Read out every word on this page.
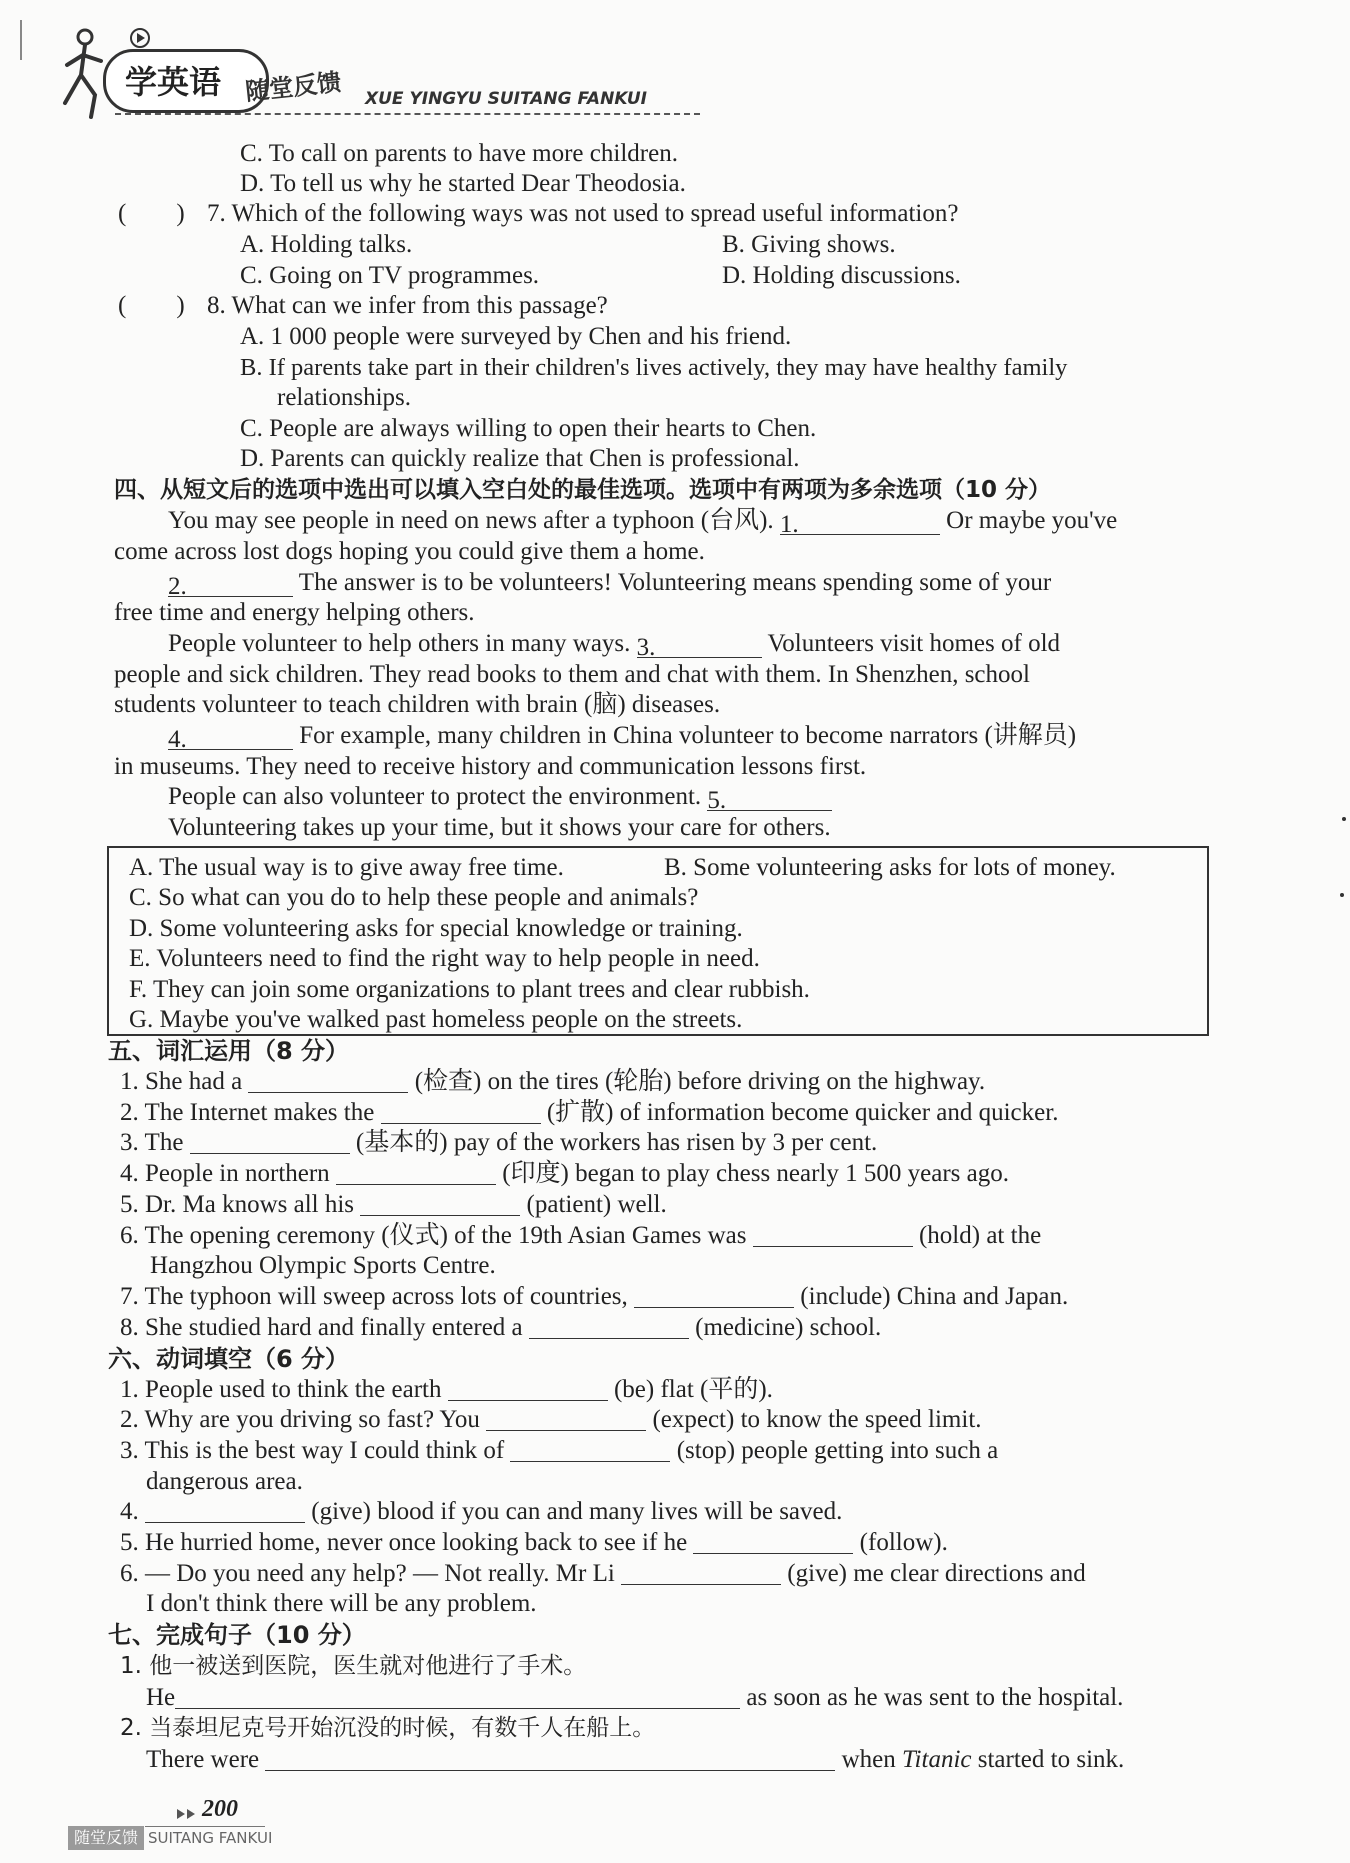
学英语 随堂反馈 XUE YINGYU SUITANG FANKUI
C. To call on parents to have more children.
D. To tell us why he started Dear Theodosia.
(　　) 7. Which of the following ways was not used to spread useful information?
A. Holding talks.	B. Giving shows.
C. Going on TV programmes.	D. Holding discussions.
(　　) 8. What can we infer from this passage?
A. 1 000 people were surveyed by Chen and his friend.
B. If parents take part in their children's lives actively, they may have healthy family
relationships.
C. People are always willing to open their hearts to Chen.
D. Parents can quickly realize that Chen is professional.
四、从短文后的选项中选出可以填入空白处的最佳选项。选项中有两项为多余选项（10 分）
You may see people in need on news after a typhoon (台风). 1.	Or maybe you've
come across lost dogs hoping you could give them a home.
2.	The answer is to be volunteers! Volunteering means spending some of your
free time and energy helping others.
People volunteer to help others in many ways. 3.	Volunteers visit homes of old
people and sick children. They read books to them and chat with them. In Shenzhen, school
students volunteer to teach children with brain (脑) diseases.
4.	For example, many children in China volunteer to become narrators (讲解员)
in museums. They need to receive history and communication lessons first.
People can also volunteer to protect the environment. 5.
Volunteering takes up your time, but it shows your care for others.
A. The usual way is to give away free time.	B. Some volunteering asks for lots of money.
C. So what can you do to help these people and animals?
D. Some volunteering asks for special knowledge or training.
E. Volunteers need to find the right way to help people in need.
F. They can join some organizations to plant trees and clear rubbish.
G. Maybe you've walked past homeless people on the streets.
五、词汇运用（8 分）
1. She had a	(检查) on the tires (轮胎) before driving on the highway.
2. The Internet makes the	(扩散) of information become quicker and quicker.
3. The	(基本的) pay of the workers has risen by 3 per cent.
4. People in northern	(印度) began to play chess nearly 1 500 years ago.
5. Dr. Ma knows all his	(patient) well.
6. The opening ceremony (仪式) of the 19th Asian Games was	(hold) at the
Hangzhou Olympic Sports Centre.
7. The typhoon will sweep across lots of countries,	(include) China and Japan.
8. She studied hard and finally entered a	(medicine) school.
六、动词填空（6 分）
1. People used to think the earth	(be) flat (平的).
2. Why are you driving so fast? You	(expect) to know the speed limit.
3. This is the best way I could think of	(stop) people getting into such a
dangerous area.
4.	(give) blood if you can and many lives will be saved.
5. He hurried home, never once looking back to see if he	(follow).
6. — Do you need any help? — Not really. Mr Li	(give) me clear directions and
I don't think there will be any problem.
七、完成句子（10 分）
1. 他一被送到医院，医生就对他进行了手术。
He	as soon as he was sent to the hospital.
2. 当泰坦尼克号开始沉没的时候，有数千人在船上。
There were	when Titanic started to sink.
200
随堂反馈 SUITANG FANKUI
